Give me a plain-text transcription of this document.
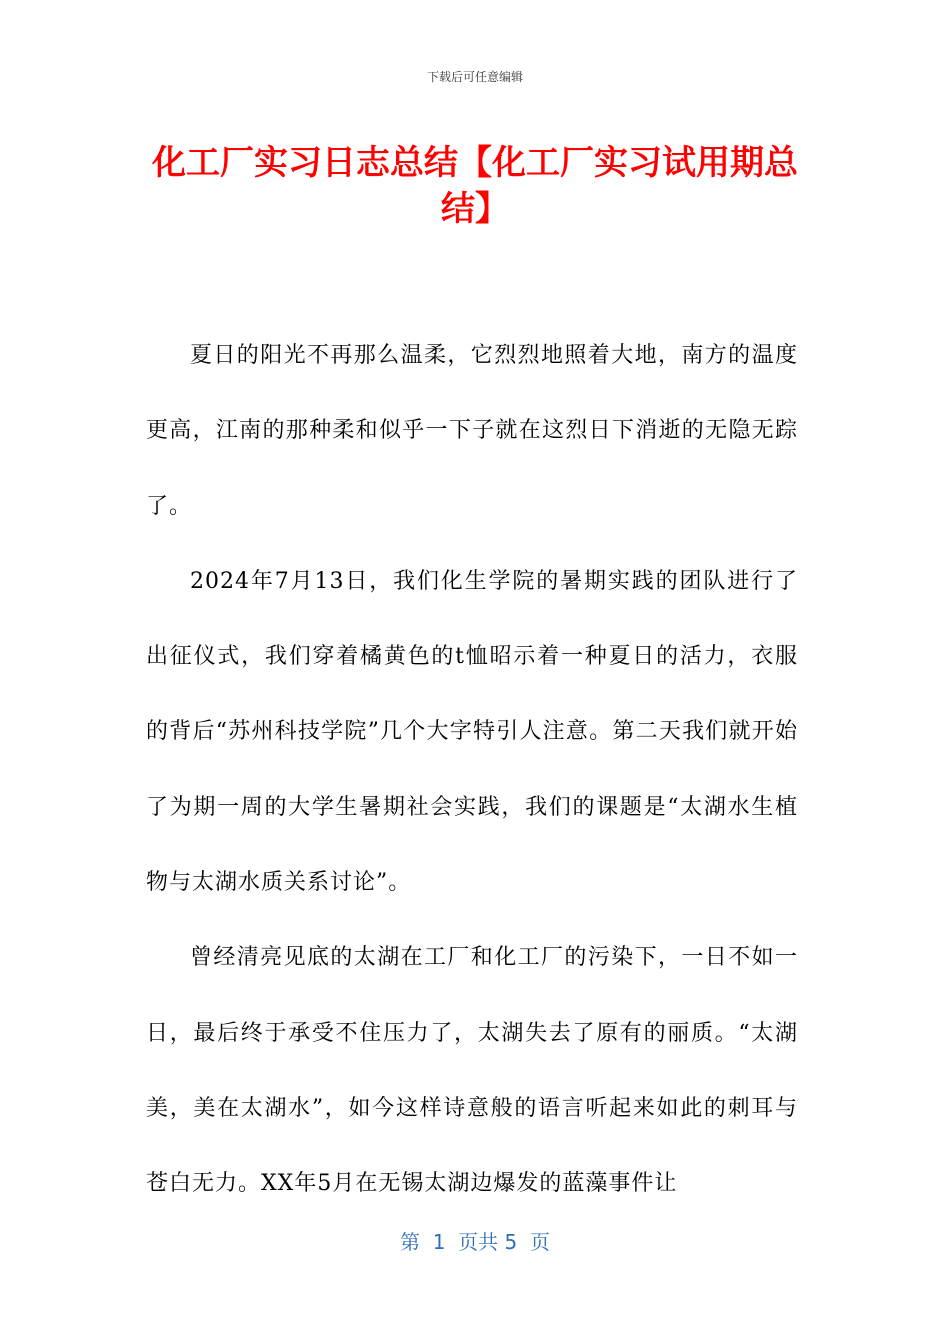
下载后可任意编辑
化工厂实习日志总结【化工厂实习试用期总结】

夏日的阳光不再那么温柔，它烈烈地照着大地，南方的温度更高，江南的那种柔和似乎一下子就在这烈日下消逝的无隐无踪了。

2024年7月13日，我们化生学院的暑期实践的团队进行了出征仪式，我们穿着橘黄色的t恤昭示着一种夏日的活力，衣服的背后“苏州科技学院”几个大字特引人注意。第二天我们就开始了为期一周的大学生暑期社会实践，我们的课题是“太湖水生植物与太湖水质关系讨论”。

曾经清亮见底的太湖在工厂和化工厂的污染下，一日不如一日，最后终于承受不住压力了，太湖失去了原有的丽质。“太湖美，美在太湖水”，如今这样诗意般的语言听起来如此的刺耳与苍白无力。XX年5月在无锡太湖边爆发的蓝藻事件让

第  1  页共 5  页
